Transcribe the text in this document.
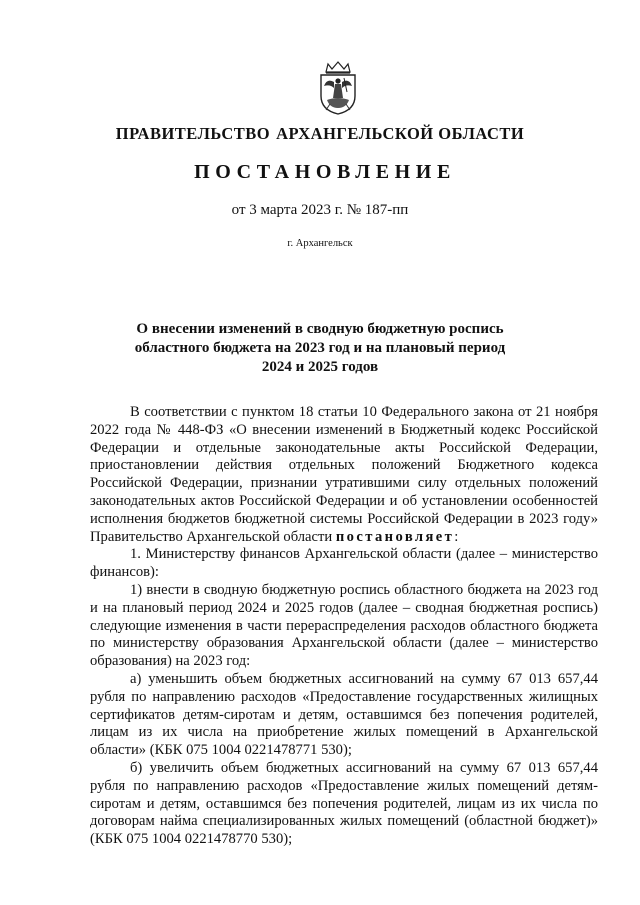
ПРАВИТЕЛЬСТВО АРХАНГЕЛЬСКОЙ ОБЛАСТИ
ПОСТАНОВЛЕНИЕ
от 3 марта 2023 г. № 187-пп
г. Архангельск
О внесении изменений в сводную бюджетную роспись
областного бюджета на 2023 год и на плановый период
2024 и 2025 годов

В соответствии с пунктом 18 статьи 10 Федерального закона от 21 ноября 2022 года № 448-ФЗ «О внесении изменений в Бюджетный кодекс Российской Федерации и отдельные законодательные акты Российской Федерации, приостановлении действия отдельных положений Бюджетного кодекса Российской Федерации, признании утратившими силу отдельных положений законодательных актов Российской Федерации и об установлении особенностей исполнения бюджетов бюджетной системы Российской Федерации в 2023 году» Правительство Архангельской области постановляет:

1. Министерству финансов Архангельской области (далее – министерство финансов):

1) внести в сводную бюджетную роспись областного бюджета на 2023 год и на плановый период 2024 и 2025 годов (далее – сводная бюджетная роспись) следующие изменения в части перераспределения расходов областного бюджета по министерству образования Архангельской области (далее – министерство образования) на 2023 год:

а) уменьшить объем бюджетных ассигнований на сумму 67 013 657,44 рубля по направлению расходов «Предоставление государственных жилищных сертификатов детям-сиротам и детям, оставшимся без попечения родителей, лицам из их числа на приобретение жилых помещений в Архангельской области» (КБК 075 1004 0221478771 530);

б) увеличить объем бюджетных ассигнований на сумму 67 013 657,44 рубля по направлению расходов «Предоставление жилых помещений детям-сиротам и детям, оставшимся без попечения родителей, лицам из их числа по договорам найма специализированных жилых помещений (областной бюджет)» (КБК 075 1004 0221478770 530);
